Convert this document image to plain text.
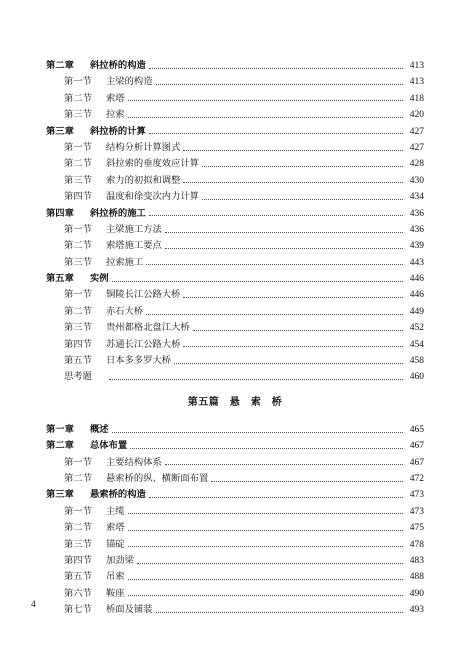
第二章	斜拉桥的构造	413
第一节	主梁的构造	413
第二节	索塔	418
第三节	拉索	420
第三章	斜拉桥的计算	427
第一节	结构分析计算图式	427
第二节	斜拉索的垂度效应计算	428
第三节	索力的初拟和调整	430
第四节	温度和徐变次内力计算	434
第四章	斜拉桥的施工	436
第一节	主梁施工方法	436
第二节	索塔施工要点	439
第三节	拉索施工	443
第五章	实例	446
第一节	铜陵长江公路大桥	446
第二节	赤石大桥	449
第三节	贵州都格北盘江大桥	452
第四节	苏通长江公路大桥	454
第五节	日本多多罗大桥	458
思考题	460
第五篇　悬　索　桥
第一章	概述	465
第二章	总体布置	467
第一节	主要结构体系	467
第二节	悬索桥的纵、横断面布置	472
第三章	悬索桥的构造	473
第一节	主缆	473
第二节	索塔	475
第三节	锚碇	478
第四节	加劲梁	483
第五节	吊索	488
第六节	鞍座	490
第七节	桥面及铺装	493
4
